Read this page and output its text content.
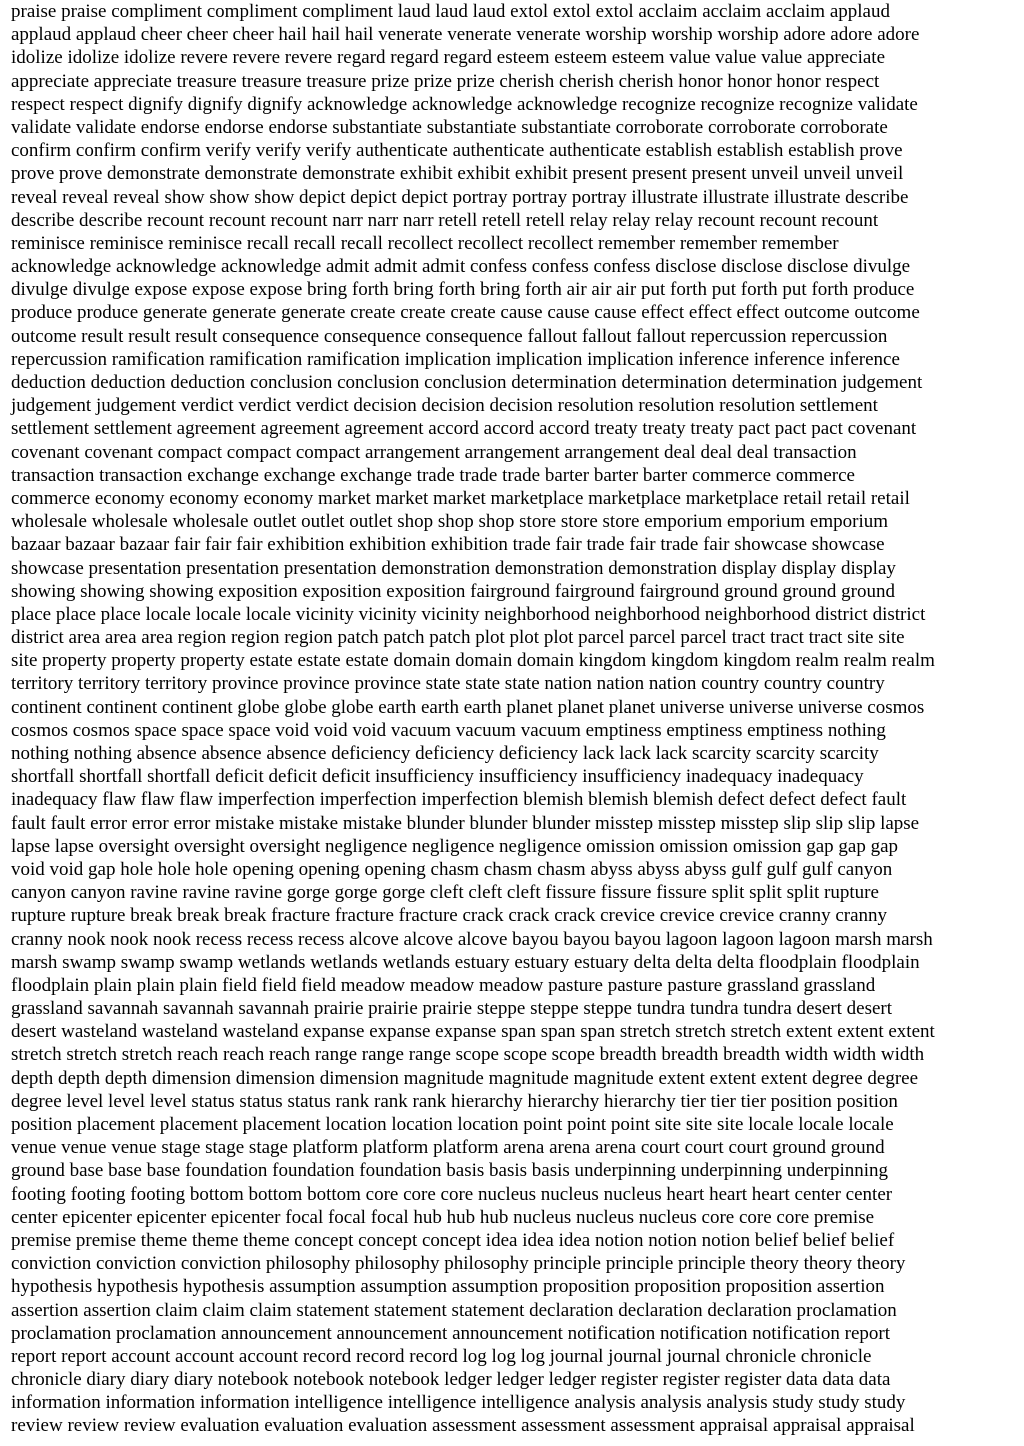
praise praise compliment compliment compliment laud laud laud extol extol extol acclaim acclaim acclaim applaud
applaud applaud cheer cheer cheer hail hail hail venerate venerate venerate worship worship worship adore adore adore
idolize idolize idolize revere revere revere regard regard regard esteem esteem esteem value value value appreciate
appreciate appreciate treasure treasure treasure prize prize prize cherish cherish cherish honor honor honor respect
respect respect dignify dignify dignify acknowledge acknowledge acknowledge recognize recognize recognize validate
validate validate endorse endorse endorse substantiate substantiate substantiate corroborate corroborate corroborate
confirm confirm confirm verify verify verify authenticate authenticate authenticate establish establish establish prove
prove prove demonstrate demonstrate demonstrate exhibit exhibit exhibit present present present unveil unveil unveil
reveal reveal reveal show show show depict depict depict portray portray portray illustrate illustrate illustrate describe
describe describe recount recount recount narr narr narr retell retell retell relay relay relay recount recount recount
reminisce reminisce reminisce recall recall recall recollect recollect recollect remember remember remember
acknowledge acknowledge acknowledge admit admit admit confess confess confess disclose disclose disclose divulge
divulge divulge expose expose expose bring forth bring forth bring forth air air air put forth put forth put forth produce
produce produce generate generate generate create create create cause cause cause effect effect effect outcome outcome
outcome result result result consequence consequence consequence fallout fallout fallout repercussion repercussion
repercussion ramification ramification ramification implication implication implication inference inference inference
deduction deduction deduction conclusion conclusion conclusion determination determination determination judgement
judgement judgement verdict verdict verdict decision decision decision resolution resolution resolution settlement
settlement settlement agreement agreement agreement accord accord accord treaty treaty treaty pact pact pact covenant
covenant covenant compact compact compact arrangement arrangement arrangement deal deal deal transaction
transaction transaction exchange exchange exchange trade trade trade barter barter barter commerce commerce
commerce economy economy economy market market market marketplace marketplace marketplace retail retail retail
wholesale wholesale wholesale outlet outlet outlet shop shop shop store store store emporium emporium emporium
bazaar bazaar bazaar fair fair fair exhibition exhibition exhibition trade fair trade fair trade fair showcase showcase
showcase presentation presentation presentation demonstration demonstration demonstration display display display
showing showing showing exposition exposition exposition fairground fairground fairground ground ground ground
place place place locale locale locale vicinity vicinity vicinity neighborhood neighborhood neighborhood district district
district area area area region region region patch patch patch plot plot plot parcel parcel parcel tract tract tract site site
site property property property estate estate estate domain domain domain kingdom kingdom kingdom realm realm realm
territory territory territory province province province state state state nation nation nation country country country
continent continent continent globe globe globe earth earth earth planet planet planet universe universe universe cosmos
cosmos cosmos space space space void void void vacuum vacuum vacuum emptiness emptiness emptiness nothing
nothing nothing absence absence absence deficiency deficiency deficiency lack lack lack scarcity scarcity scarcity
shortfall shortfall shortfall deficit deficit deficit insufficiency insufficiency insufficiency inadequacy inadequacy
inadequacy flaw flaw flaw imperfection imperfection imperfection blemish blemish blemish defect defect defect fault
fault fault error error error mistake mistake mistake blunder blunder blunder misstep misstep misstep slip slip slip lapse
lapse lapse oversight oversight oversight negligence negligence negligence omission omission omission gap gap gap
void void gap hole hole hole opening opening opening chasm chasm chasm abyss abyss abyss gulf gulf gulf canyon
canyon canyon ravine ravine ravine gorge gorge gorge cleft cleft cleft fissure fissure fissure split split split rupture
rupture rupture break break break fracture fracture fracture crack crack crack crevice crevice crevice cranny cranny
cranny nook nook nook recess recess recess alcove alcove alcove bayou bayou bayou lagoon lagoon lagoon marsh marsh
marsh swamp swamp swamp wetlands wetlands wetlands estuary estuary estuary delta delta delta floodplain floodplain
floodplain plain plain plain field field field meadow meadow meadow pasture pasture pasture grassland grassland
grassland savannah savannah savannah prairie prairie prairie steppe steppe steppe tundra tundra tundra desert desert
desert wasteland wasteland wasteland expanse expanse expanse span span span stretch stretch stretch extent extent extent
stretch stretch stretch reach reach reach range range range scope scope scope breadth breadth breadth width width width
depth depth depth dimension dimension dimension magnitude magnitude magnitude extent extent extent degree degree
degree level level level status status status rank rank rank hierarchy hierarchy hierarchy tier tier tier position position
position placement placement placement location location location point point point site site site locale locale locale
venue venue venue stage stage stage platform platform platform arena arena arena court court court ground ground
ground base base base foundation foundation foundation basis basis basis underpinning underpinning underpinning
footing footing footing bottom bottom bottom core core core nucleus nucleus nucleus heart heart heart center center
center epicenter epicenter epicenter focal focal focal hub hub hub nucleus nucleus nucleus core core core premise
premise premise theme theme theme concept concept concept idea idea idea notion notion notion belief belief belief
conviction conviction conviction philosophy philosophy philosophy principle principle principle theory theory theory
hypothesis hypothesis hypothesis assumption assumption assumption proposition proposition proposition assertion
assertion assertion claim claim claim statement statement statement declaration declaration declaration proclamation
proclamation proclamation announcement announcement announcement notification notification notification report
report report account account account record record record log log log journal journal journal chronicle chronicle
chronicle diary diary diary notebook notebook notebook ledger ledger ledger register register register data data data
information information information intelligence intelligence intelligence analysis analysis analysis study study study
review review review evaluation evaluation evaluation assessment assessment assessment appraisal appraisal appraisal
